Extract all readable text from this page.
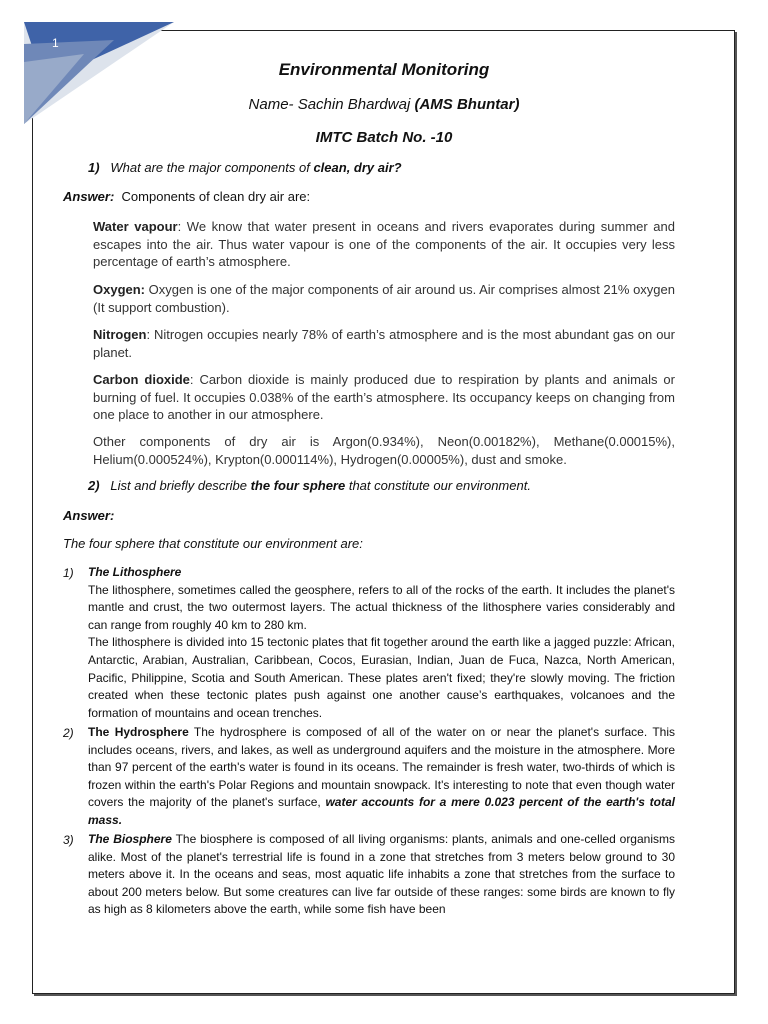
1
Environmental Monitoring
Name- Sachin Bhardwaj (AMS Bhuntar)
IMTC Batch No. -10
1) What are the major components of clean, dry air?
Answer: Components of clean dry air are:
Water vapour: We know that water present in oceans and rivers evaporates during summer and escapes into the air. Thus water vapour is one of the components of the air. It occupies very less percentage of earth’s atmosphere.
Oxygen: Oxygen is one of the major components of air around us. Air comprises almost 21% oxygen (It support combustion).
Nitrogen: Nitrogen occupies nearly 78% of earth’s atmosphere and is the most abundant gas on our planet.
Carbon dioxide: Carbon dioxide is mainly produced due to respiration by plants and animals or burning of fuel. It occupies 0.038% of the earth’s atmosphere. Its occupancy keeps on changing from one place to another in our atmosphere.
Other components of dry air is Argon(0.934%), Neon(0.00182%), Methane(0.00015%), Helium(0.000524%), Krypton(0.000114%), Hydrogen(0.00005%), dust and smoke.
2) List and briefly describe the four sphere that constitute our environment.
Answer:
The four sphere that constitute our environment are:
1) The Lithosphere
The lithosphere, sometimes called the geosphere, refers to all of the rocks of the earth. It includes the planet's mantle and crust, the two outermost layers. The actual thickness of the lithosphere varies considerably and can range from roughly 40 km to 280 km.
The lithosphere is divided into 15 tectonic plates that fit together around the earth like a jagged puzzle: African, Antarctic, Arabian, Australian, Caribbean, Cocos, Eurasian, Indian, Juan de Fuca, Nazca, North American, Pacific, Philippine, Scotia and South American. These plates aren't fixed; they're slowly moving. The friction created when these tectonic plates push against one another cause’s earthquakes, volcanoes and the formation of mountains and ocean trenches.
2) The Hydrosphere The hydrosphere is composed of all of the water on or near the planet's surface. This includes oceans, rivers, and lakes, as well as underground aquifers and the moisture in the atmosphere. More than 97 percent of the earth's water is found in its oceans. The remainder is fresh water, two-thirds of which is frozen within the earth's Polar Regions and mountain snowpack. It's interesting to note that even though water covers the majority of the planet's surface, water accounts for a mere 0.023 percent of the earth's total mass.
3) The Biosphere The biosphere is composed of all living organisms: plants, animals and one-celled organisms alike. Most of the planet's terrestrial life is found in a zone that stretches from 3 meters below ground to 30 meters above it. In the oceans and seas, most aquatic life inhabits a zone that stretches from the surface to about 200 meters below. But some creatures can live far outside of these ranges: some birds are known to fly as high as 8 kilometers above the earth, while some fish have been
